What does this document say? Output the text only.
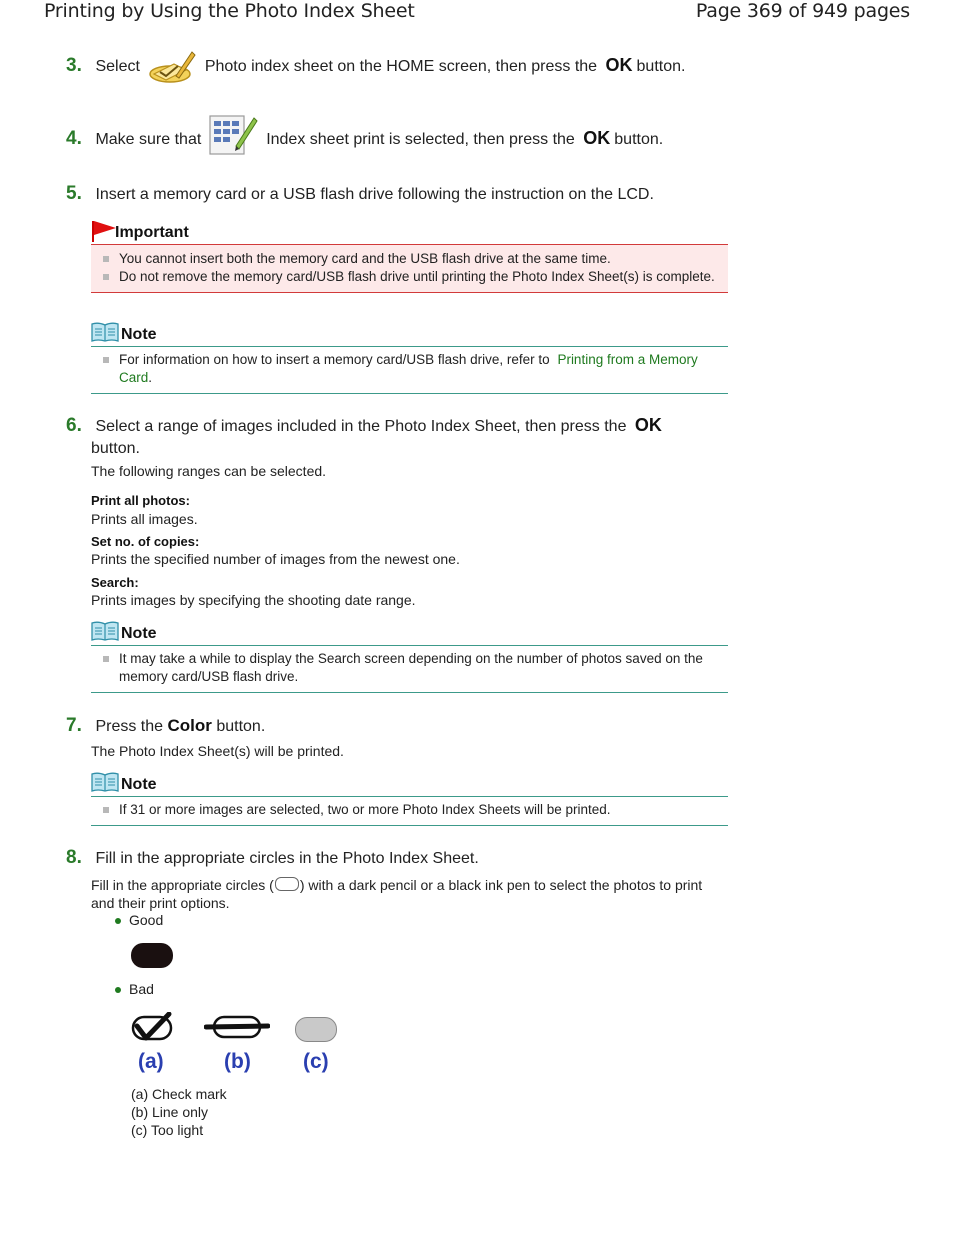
Printing by Using the Photo Index Sheet	Page 369 of 949 pages
3. Select	Photo index sheet on the HOME screen, then press the OK button.
4. Make sure that	Index sheet print is selected, then press the OK button.
5. Insert a memory card or a USB flash drive following the instruction on the LCD.
Important
You cannot insert both the memory card and the USB flash drive at the same time.
Do not remove the memory card/USB flash drive until printing the Photo Index Sheet(s) is complete.
Note
For information on how to insert a memory card/USB flash drive, refer to Printing from a Memory Card.
6. Select a range of images included in the Photo Index Sheet, then press the OK
button.
The following ranges can be selected.
Print all photos:
Prints all images.
Set no. of copies:
Prints the specified number of images from the newest one.
Search:
Prints images by specifying the shooting date range.
Note
It may take a while to display the Search screen depending on the number of photos saved on the memory card/USB flash drive.
7. Press the Color button.
The Photo Index Sheet(s) will be printed.
Note
If 31 or more images are selected, two or more Photo Index Sheets will be printed.
8. Fill in the appropriate circles in the Photo Index Sheet.
Fill in the appropriate circles ( ) with a dark pencil or a black ink pen to select the photos to print
and their print options.
Good
Bad
(a)	(b) (c)
(a) Check mark
(b) Line only
(c) Too light
